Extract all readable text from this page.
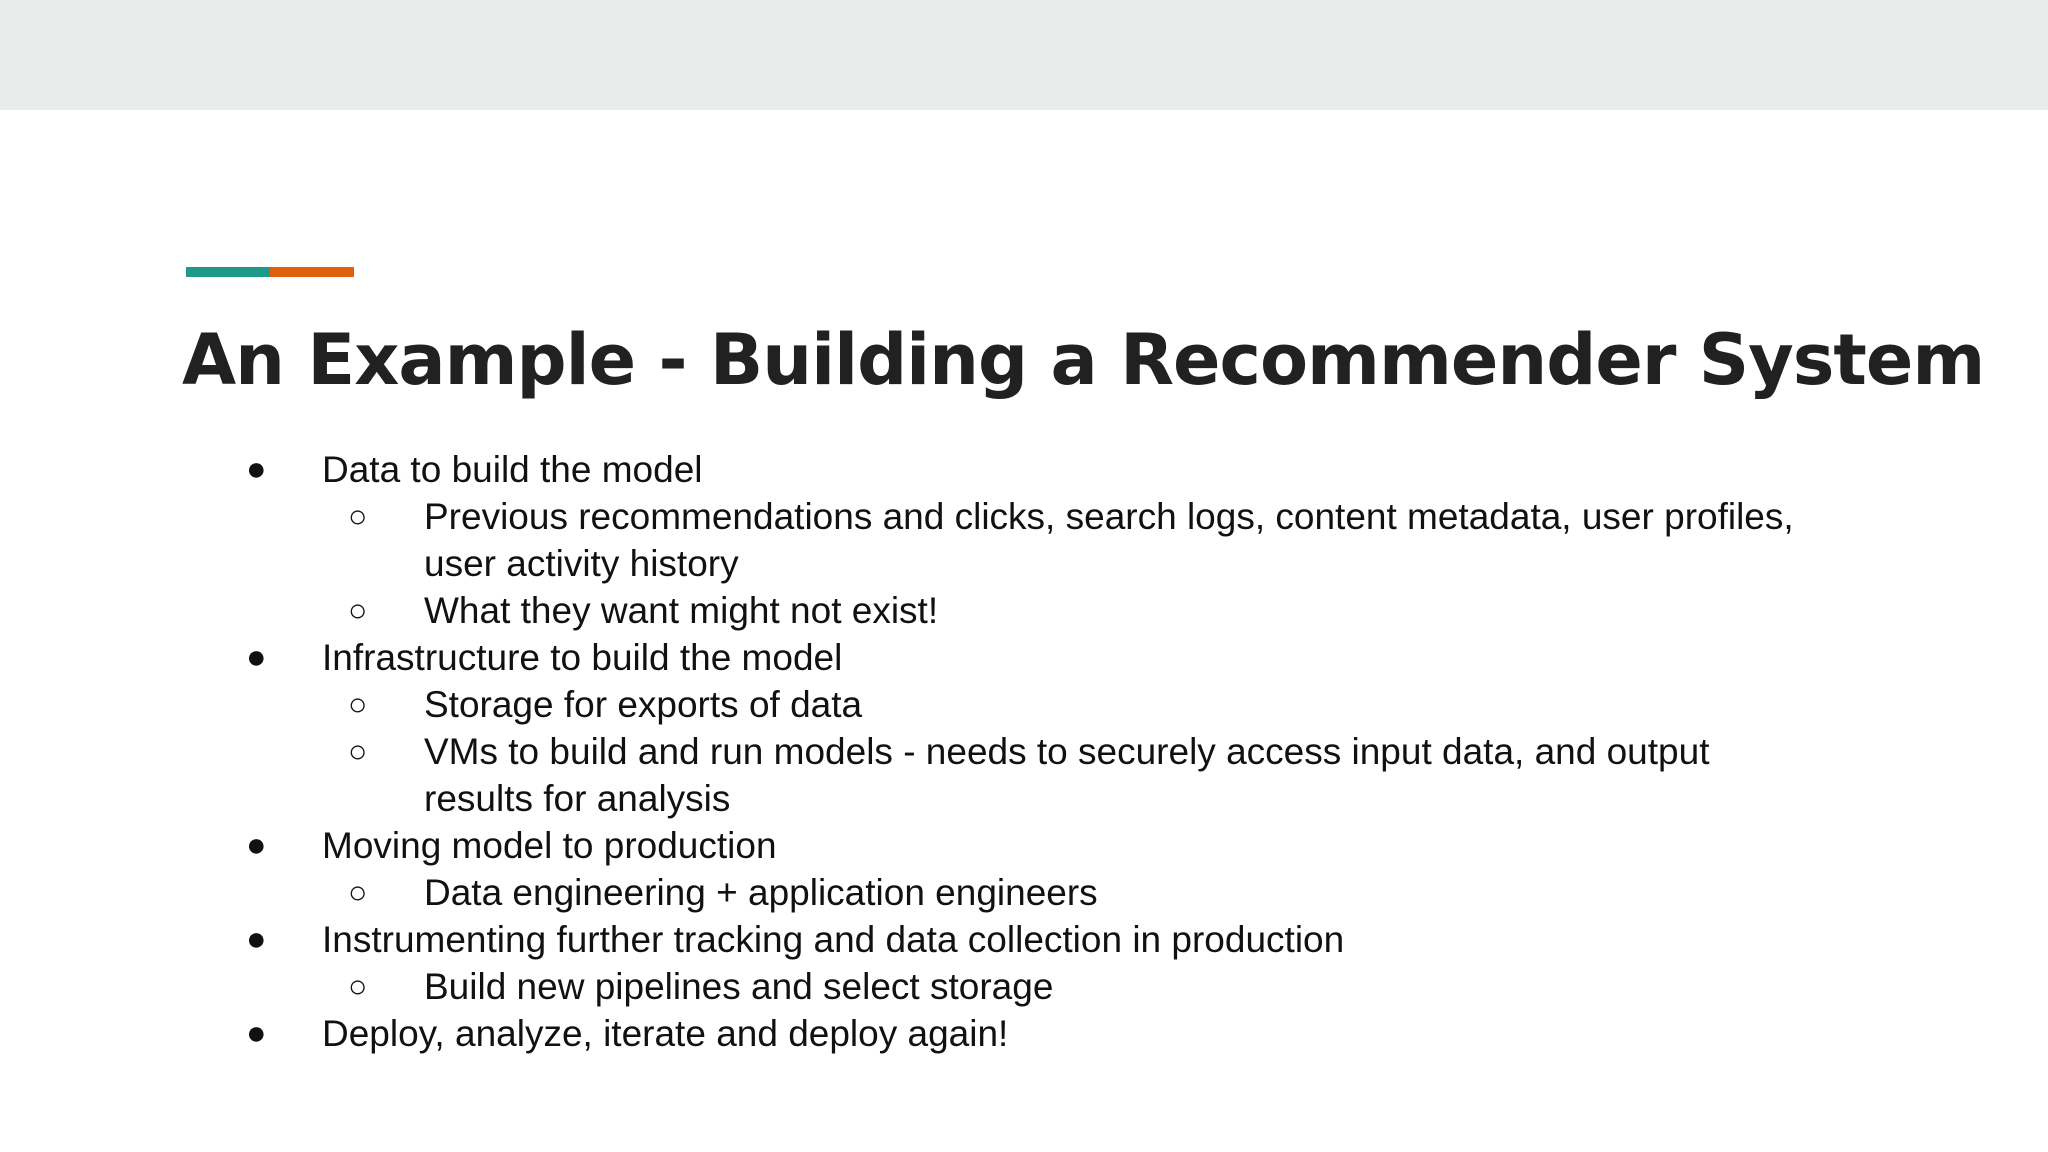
An Example - Building a Recommender System
● Data to build the model
○ Previous recommendations and clicks, search logs, content metadata, user profiles,
user activity history
○ What they want might not exist!
● Infrastructure to build the model
○ Storage for exports of data
○ VMs to build and run models - needs to securely access input data, and output
results for analysis
● Moving model to production
○ Data engineering + application engineers
● Instrumenting further tracking and data collection in production
○ Build new pipelines and select storage
● Deploy, analyze, iterate and deploy again!
